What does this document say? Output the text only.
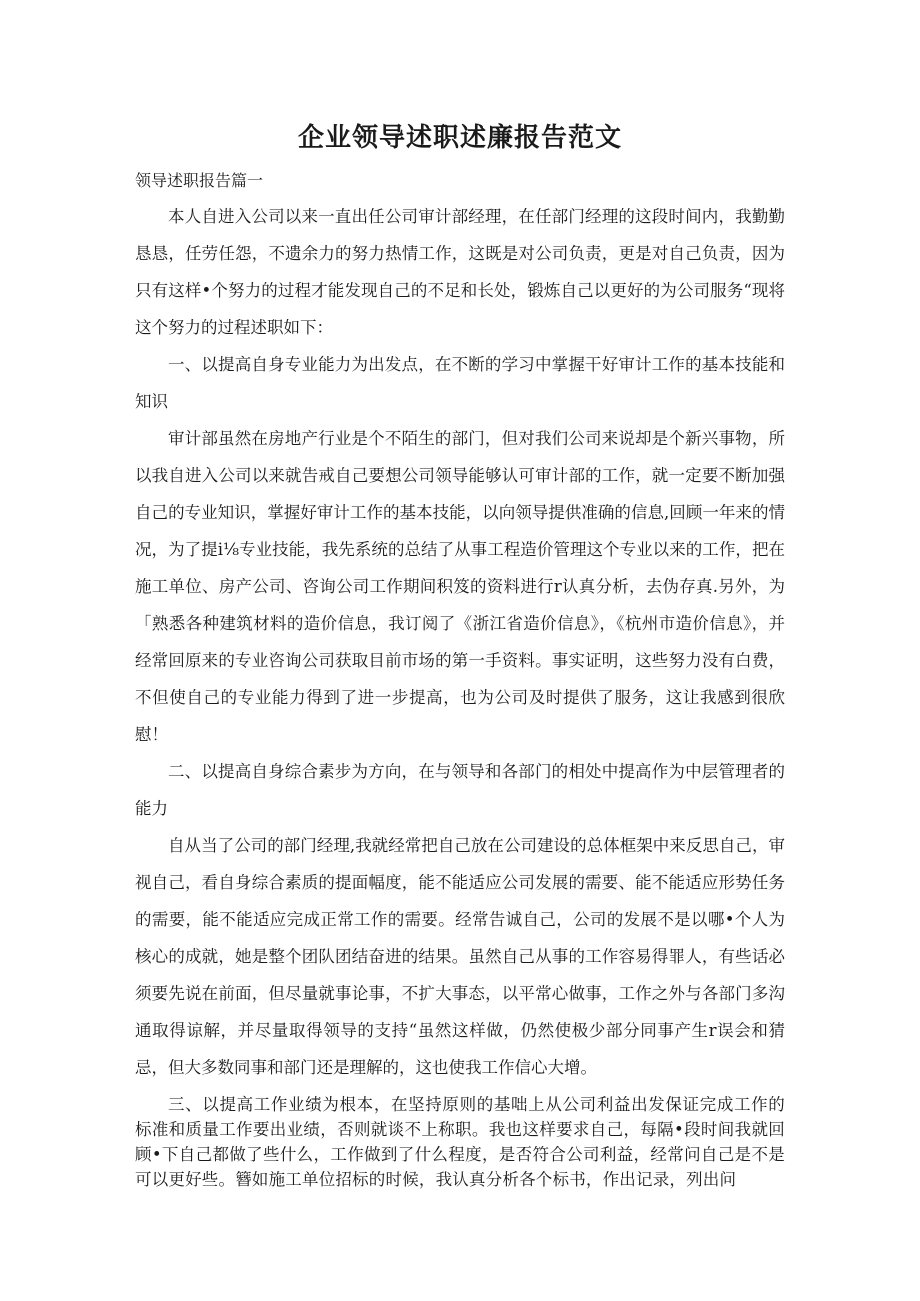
企业领导述职述廉报告范文

领导述职报告篇一

本人自进入公司以来一直出任公司审计部经理，在任部门经理的这段时间内，我勤勤恳恳，任劳任怨，不遗余力的努力热情工作，这既是对公司负责，更是对自己负责，因为只有这样•个努力的过程才能发现自己的不足和长处，锻炼自己以更好的为公司服务“现将这个努力的过程述职如下：

一、以提高自身专业能力为出发点，在不断的学习中掌握干好审计工作的基本技能和知识

审计部虽然在房地产行业是个不陌生的部门，但对我们公司来说却是个新兴事物，所以我自进入公司以来就告戒自己要想公司领导能够认可审计部的工作，就一定要不断加强自己的专业知识，掌握好审计工作的基本技能，以向领导提供准确的信息,回顾一年来的情况，为了提i⅛专业技能，我先系统的总结了从事工程造价管理这个专业以来的工作，把在施工单位、房产公司、咨询公司工作期间积笈的资料进行r认真分析，去伪存真.另外，为「熟悉各种建筑材料的造价信息，我订阅了《浙江省造价信息》，《杭州市造价信息》，并经常回原来的专业咨询公司获取目前市场的第一手资料。事实证明，这些努力没有白费，不但使自己的专业能力得到了进一步提高，也为公司及时提供了服务，这让我感到很欣慰！

二、以提高自身综合素步为方向，在与领导和各部门的相处中提高作为中层管理者的能力

自从当了公司的部门经理,我就经常把自己放在公司建设的总体框架中来反思自己，审视自己，看自身综合素质的提面幅度，能不能适应公司发展的需要、能不能适应形势任务的需要，能不能适应完成正常工作的需要。经常告诚自己，公司的发展不是以哪•个人为核心的成就，她是整个团队团结奋进的结果。虽然自己从事的工作容易得罪人，有些话必须要先说在前面，但尽量就事论事，不扩大事态，以平常心做事，工作之外与各部门多沟通取得谅解，并尽量取得领导的支持“虽然这样做，仍然使极少部分同事产生r误会和猜忌，但大多数同事和部门还是理解的，这也使我工作信心大增。

三、以提高工作业绩为根本，在坚持原则的基咄上从公司利益出发保证完成工作的标准和质量工作要出业绩，否则就谈不上称职。我也这样要求自己，每隔•段时间我就回顾•下自己都做了些什么，工作做到了什么程度，是否符合公司利益，经常问自己是不是可以更好些。簪如施工单位招标的时候，我认真分析各个标书，作出记录，列出问
